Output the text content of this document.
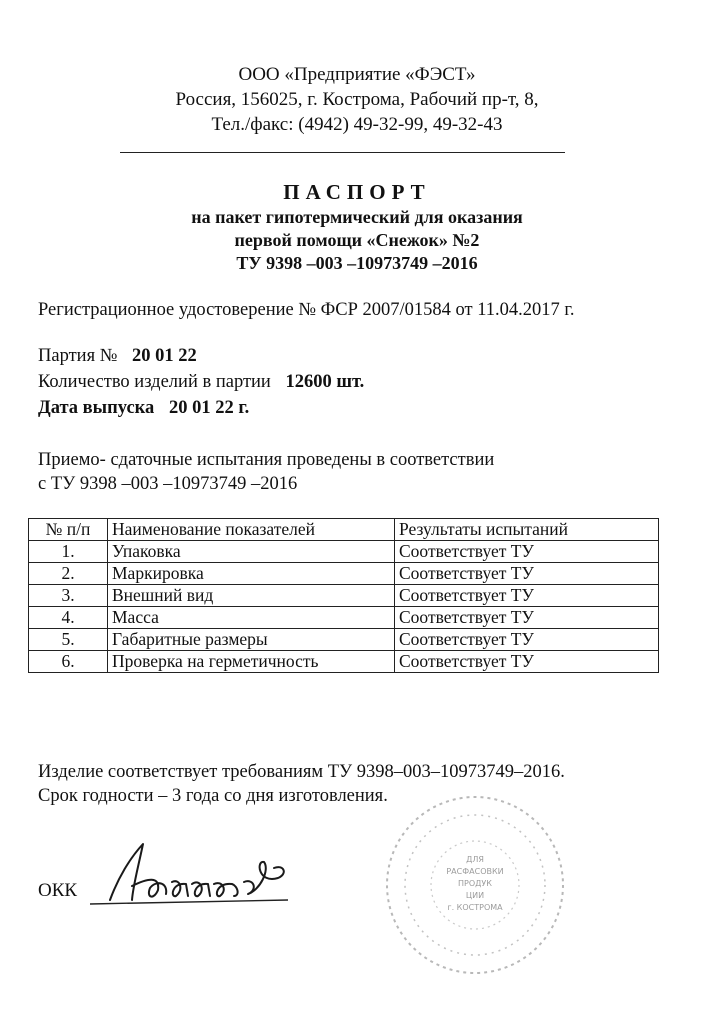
ООО «Предприятие «ФЭСТ»
Россия, 156025, г. Кострома, Рабочий пр-т, 8,
Тел./факс: (4942) 49-32-99, 49-32-43
ПАСПОРТ
на пакет гипотермический для оказания
первой помощи «Снежок» №2
ТУ 9398 –003 –10973749 –2016
Регистрационное удостоверение № ФСР 2007/01584 от 11.04.2017 г.
Партия № 20 01 22
Количество изделий в партии 12600 шт.
Дата выпуска 20 01 22 г.
Приемо- сдаточные испытания проведены в соответствии
с ТУ 9398 –003 –10973749 –2016
№ п/п	Наименование показателей	Результаты испытаний
1.	Упаковка	Соответствует ТУ
2.	Маркировка	Соответствует ТУ
3.	Внешний вид	Соответствует ТУ
4.	Масса	Соответствует ТУ
5.	Габаритные размеры	Соответствует ТУ
6.	Проверка на герметичность	Соответствует ТУ
ДЛЯ
РАСФАСОВКИ
ПРОДУК
ЦИИ
г. КОСТРОМА
Изделие соответствует требованиям ТУ 9398–003–10973749–2016.
Срок годности – 3 года со дня изготовления.
ОКК
